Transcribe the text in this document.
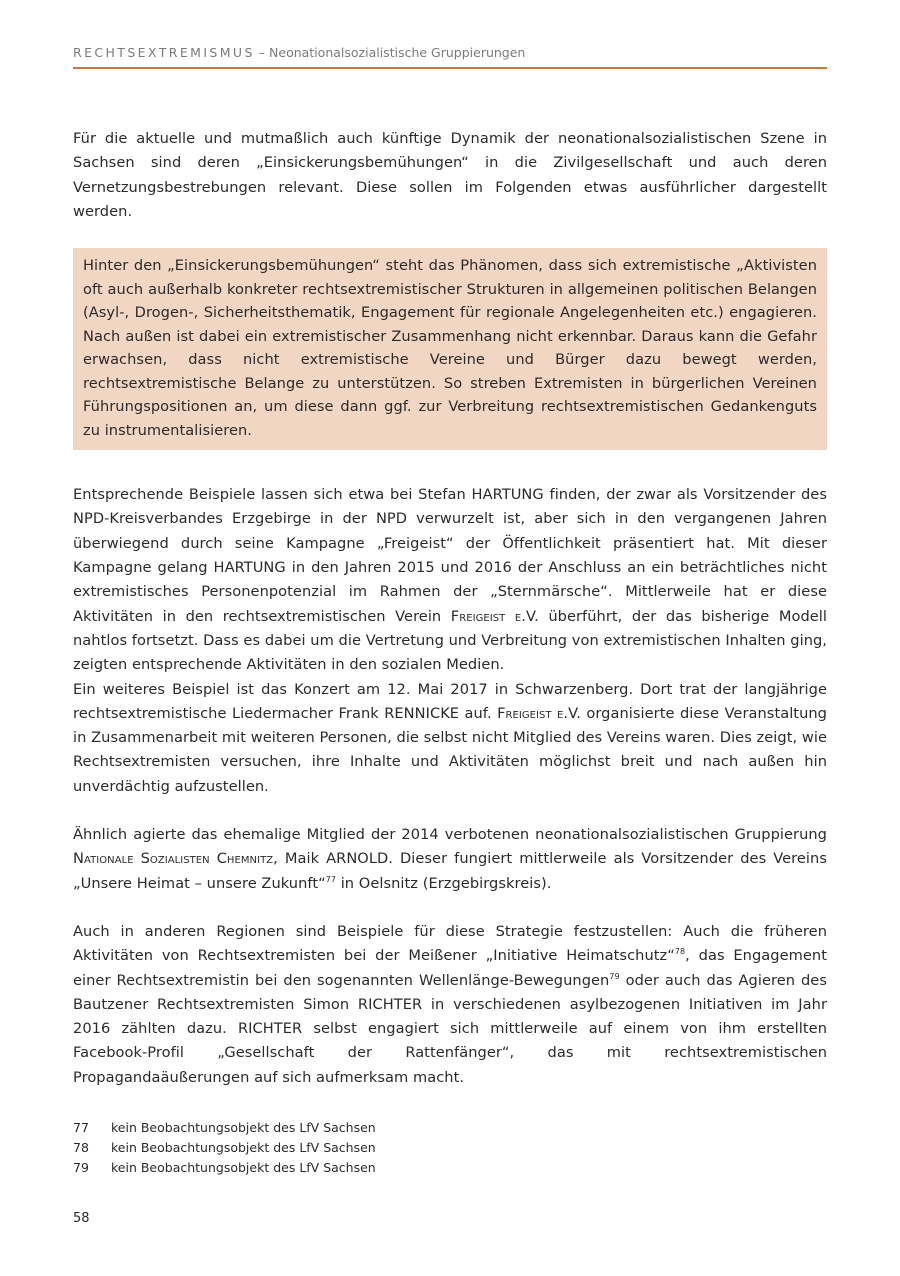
RECHTSEXTREMISMUS – Neonationalsozialistische Gruppierungen

Für die aktuelle und mutmaßlich auch künftige Dynamik der neonationalsozialistischen Szene in Sachsen sind deren „Einsickerungsbemühungen“ in die Zivilgesellschaft und auch deren Vernetzungsbestrebungen relevant. Diese sollen im Folgenden etwas ausführlicher dargestellt werden.

Hinter den „Einsickerungsbemühungen“ steht das Phänomen, dass sich extremistische „Aktivisten oft auch außerhalb konkreter rechtsextremistischer Strukturen in allgemeinen politischen Belangen (Asyl-, Drogen-, Sicherheitsthematik, Engagement für regionale Angelegenheiten etc.) engagieren. Nach außen ist dabei ein extremistischer Zusammenhang nicht erkennbar. Daraus kann die Gefahr erwachsen, dass nicht extremistische Vereine und Bürger dazu bewegt werden, rechtsextremistische Belange zu unterstützen. So streben Extremisten in bürgerlichen Vereinen Führungspositionen an, um diese dann ggf. zur Verbreitung rechtsextremistischen Gedankenguts zu instrumentalisieren.

Entsprechende Beispiele lassen sich etwa bei Stefan HARTUNG finden, der zwar als Vorsitzender des NPD-Kreisverbandes Erzgebirge in der NPD verwurzelt ist, aber sich in den vergangenen Jahren überwiegend durch seine Kampagne „Freigeist“ der Öffentlichkeit präsentiert hat. Mit dieser Kampagne gelang HARTUNG in den Jahren 2015 und 2016 der Anschluss an ein beträchtliches nicht extremistisches Personenpotenzial im Rahmen der „Sternmärsche“. Mittlerweile hat er diese Aktivitäten in den rechtsextremistischen Verein Freigeist e.V. überführt, der das bisherige Modell nahtlos fortsetzt. Dass es dabei um die Vertretung und Verbreitung von extremistischen Inhalten ging, zeigten entsprechende Aktivitäten in den sozialen Medien.

Ein weiteres Beispiel ist das Konzert am 12. Mai 2017 in Schwarzenberg. Dort trat der langjährige rechtsextremistische Liedermacher Frank RENNICKE auf. Freigeist e.V. organisierte diese Veranstaltung in Zusammenarbeit mit weiteren Personen, die selbst nicht Mitglied des Vereins waren. Dies zeigt, wie Rechtsextremisten versuchen, ihre Inhalte und Aktivitäten möglichst breit und nach außen hin unverdächtig aufzustellen.

Ähnlich agierte das ehemalige Mitglied der 2014 verbotenen neonationalsozialistischen Gruppierung Nationale Sozialisten Chemnitz, Maik ARNOLD. Dieser fungiert mittlerweile als Vorsitzender des Vereins „Unsere Heimat – unsere Zukunft“$^{77}$ in Oelsnitz (Erzgebirgskreis).

Auch in anderen Regionen sind Beispiele für diese Strategie festzustellen: Auch die früheren Aktivitäten von Rechtsextremisten bei der Meißener „Initiative Heimatschutz“$^{78}$, das Engagement einer Rechtsextremistin bei den sogenannten Wellenlänge-Bewegungen$^{79}$ oder auch das Agieren des Bautzener Rechtsextremisten Simon RICHTER in verschiedenen asylbezogenen Initiativen im Jahr 2016 zählten dazu. RICHTER selbst engagiert sich mittlerweile auf einem von ihm erstellten Facebook-Profil „Gesellschaft der Rattenfänger“, das mit rechtsextremistischen Propagandaäußerungen auf sich aufmerksam macht.

77	kein Beobachtungsobjekt des LfV Sachsen
78	kein Beobachtungsobjekt des LfV Sachsen
79	kein Beobachtungsobjekt des LfV Sachsen
58
